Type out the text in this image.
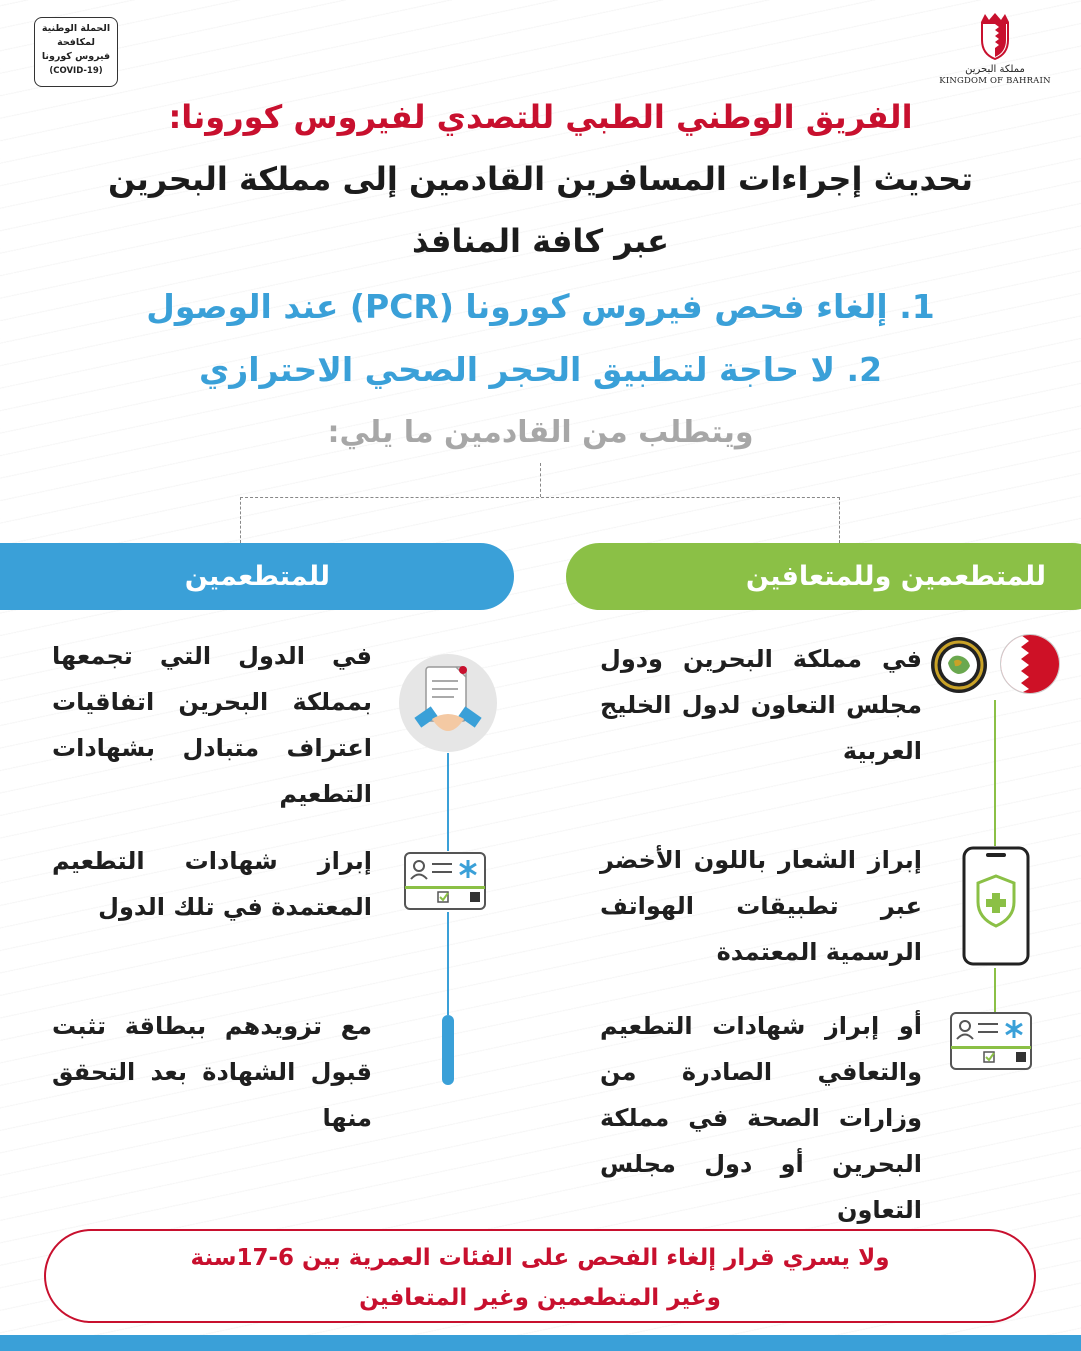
الحملة الوطنية
لمكافحة
فيروس كورونا
(COVID-19)	مملكة البحرين
KINGDOM OF BAHRAIN
الفريق الوطني الطبي للتصدي لفيروس كورونا:
تحديث إجراءات المسافرين القادمين إلى مملكة البحرين
عبر كافة المنافذ
1. إلغاء فحص فيروس كورونا (PCR) عند الوصول
2. لا حاجة لتطبيق الحجر الصحي الاحترازي
ويتطلب من القادمين ما يلي:
للمتطعمين وللمتعافين
للمتطعمين
في مملكة البحرين ودول مجلس التعاون لدول الخليج العربية
إبراز الشعار باللون الأخضر عبر تطبيقات الهواتف الرسمية المعتمدة
أو إبراز شهادات التطعيم والتعافي الصادرة من وزارات الصحة في مملكة البحرين أو دول مجلس التعاون
في الدول التي تجمعها بمملكة البحرين اتفاقيات اعتراف متبادل بشهادات التطعيم
إبراز شهادات التطعيم المعتمدة في تلك الدول
مع تزويدهم ببطاقة تثبت قبول الشهادة بعد التحقق منها
ولا يسري قرار إلغاء الفحص على الفئات العمرية بين 6-17سنة
وغير المتطعمين وغير المتعافين
